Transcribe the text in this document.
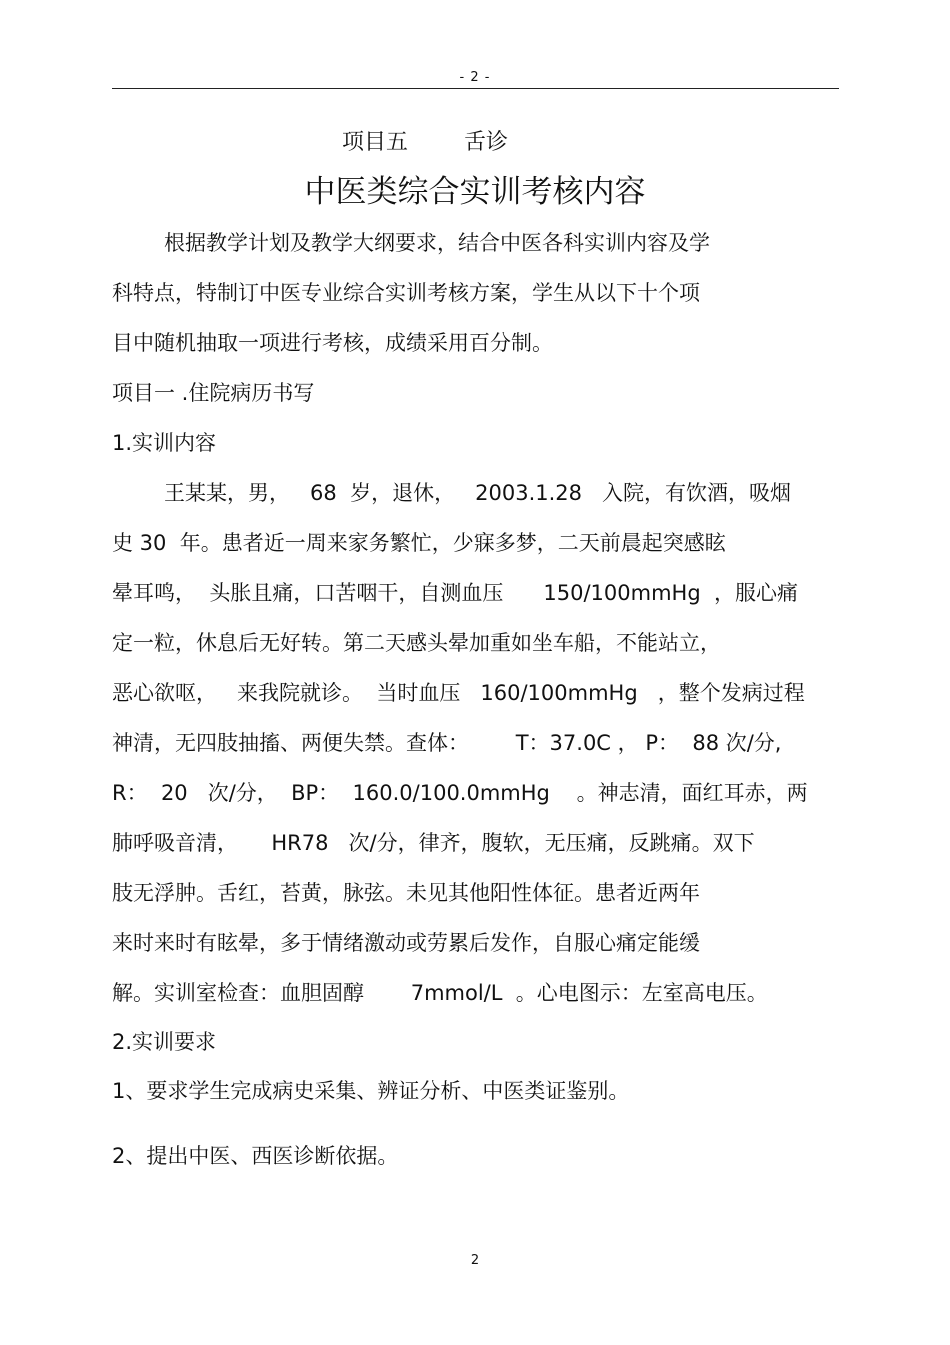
- 2 -
项目五        舌诊
中医类综合实训考核内容
根据教学计划及教学大纲要求，结合中医各科实训内容及学
科特点，特制订中医专业综合实训考核方案，学生从以下十个项
目中随机抽取一项进行考核，成绩采用百分制。
项目一 .住院病历书写
1.实训内容
王某某，男，   68  岁，退休，   2003.1.28   入院，有饮酒，吸烟
史 30  年。患者近一周来家务繁忙，少寐多梦，二天前晨起突感眩
晕耳鸣，  头胀且痛，口苦咽干，自测血压      150/100mmHg  ，服心痛
定一粒，休息后无好转。第二天感头晕加重如坐车船，不能站立，
恶心欲呕，   来我院就诊。  当时血压   160/100mmHg   ，整个发病过程
神清，无四肢抽搐、两便失禁。查体：       T：37.0C ， P：  88 次/分,
R：  20   次/分，  BP：  160.0/100.0mmHg    。神志清，面红耳赤，两
肺呼吸音清，     HR78   次/分，律齐，腹软，无压痛，反跳痛。双下
肢无浮肿。舌红，苔黄，脉弦。未见其他阳性体征。患者近两年
来时来时有眩晕，多于情绪激动或劳累后发作，自服心痛定能缓
解。实训室检查：血胆固醇       7mmol/L  。心电图示：左室高电压。
2.实训要求
1、要求学生完成病史采集、辨证分析、中医类证鉴别。
2、提出中医、西医诊断依据。
2
